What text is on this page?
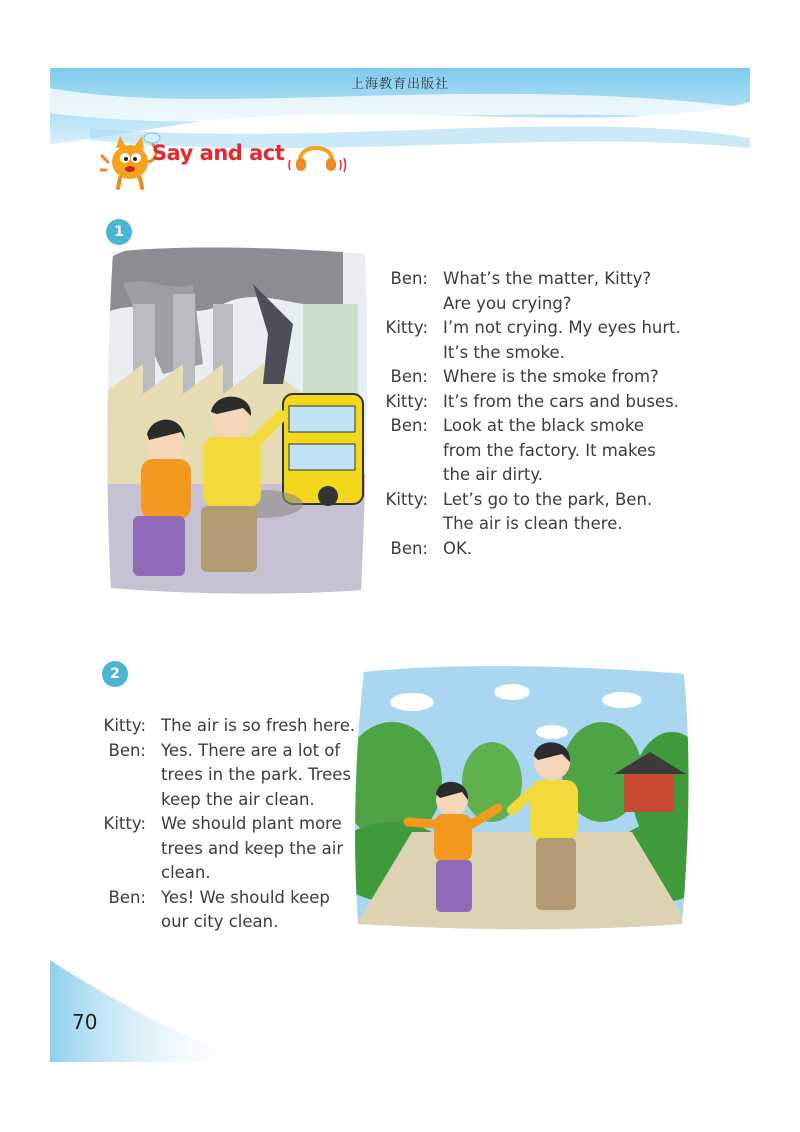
上海教育出版社
Say and act
1
Ben: What’s the matter, Kitty?
Are you crying?
Kitty: I’m not crying. My eyes hurt.
It’s the smoke.
Ben: Where is the smoke from?
Kitty: It’s from the cars and buses.
Ben: Look at the black smoke
from the factory. It makes
the air dirty.
Kitty: Let’s go to the park, Ben.
The air is clean there.
Ben: OK.
2
Kitty: The air is so fresh here.
Ben: Yes. There are a lot of
trees in the park. Trees
keep the air clean.
Kitty: We should plant more
trees and keep the air
clean.
Ben: Yes! We should keep
our city clean.
70
